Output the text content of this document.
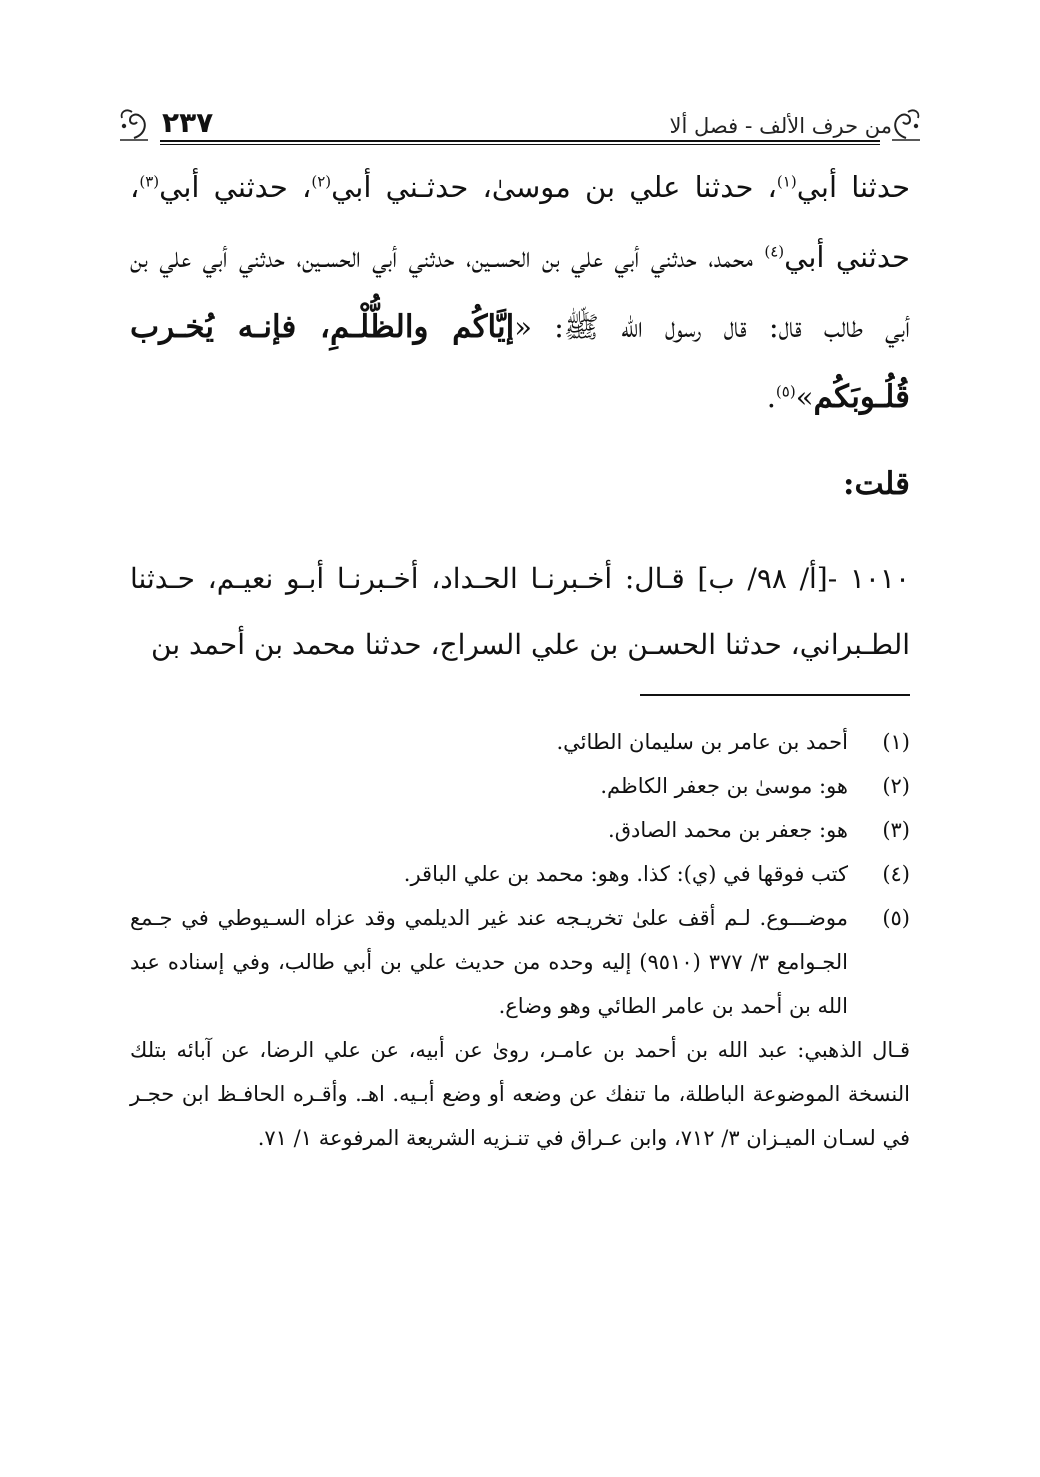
من حرف الألف - فصل ألا
٢٣٧

حدثنا أبي$^{(١)}$، حدثنا علي بن موسىٰ، حدثـني أبي$^{(٢)}$، حدثني أبي$^{(٣)}$، حدثني أبي$^{(٤)}$ محمد، حدثني أبي علي بن الحسـين، حدثني أبي الحسـين، حدثني أبي علي بن أبي طالب قال: قال رسول الله ﷺ: «إيَّاكُم والظُّلْـمِ، فإنـه يُخـرب قُلُـوبَكُم»$^{(٥)}$.

قلت:

١٠١٠ -[أ/ ٩٨/ ب] قـال: أخـبرنـا الحـداد، أخـبرنـا أبـو نعيـم، حـدثنا الطـبراني، حدثنا الحسـن بن علي السراج، حدثنا محمد بن أحمد بن

(١)
أحمد بن عامر بن سليمان الطائي.
(٢)
هو: موسىٰ بن جعفر الكاظم.
(٣)
هو: جعفر بن محمد الصادق.
(٤)
كتب فوقها في (ي): كذا. وهو: محمد بن علي الباقر.
(٥)
موضـــوع. لـم أقف علىٰ تخريـجه عند غير الديلمي وقد عزاه السـيوطي في جـمع الجـوامع ٣/ ٣٧٧ (٩٥١٠) إليه وحده من حديث علي بن أبي طالب، وفي إسناده عبد الله بن أحمد بن عامر الطائي وهو وضاع.
قـال الذهبي: عبد الله بن أحمد بن عامـر، روىٰ عن أبيه، عن علي الرضا، عن آبائه بتلك النسخة الموضوعة الباطلة، ما تنفك عن وضعه أو وضع أبـيه. اهـ. وأقـره الحافـظ ابن حجـر في لسـان الميـزان ٣/ ٧١٢، وابن عـراق في تنـزيه الشريعة المرفوعة ١/ ٧١.
